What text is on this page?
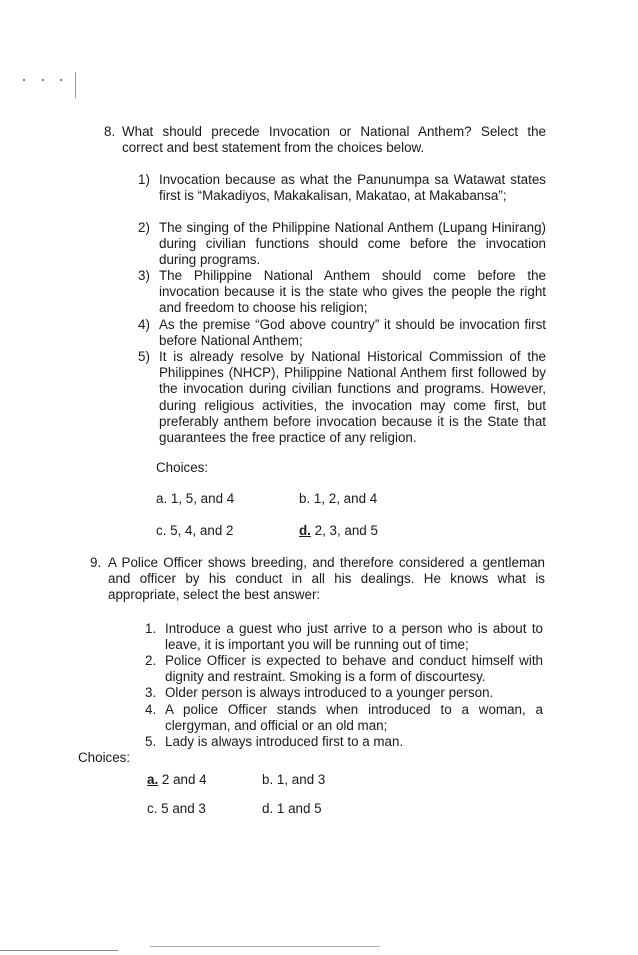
8. What should precede Invocation or National Anthem? Select the correct and best statement from the choices below.
1) Invocation because as what the Panunumpa sa Watawat states first is “Makadiyos, Makakalisan, Makatao, at Makabansa”;
2) The singing of the Philippine National Anthem (Lupang Hinirang) during civilian functions should come before the invocation during programs.
3) The Philippine National Anthem should come before the invocation because it is the state who gives the people the right and freedom to choose his religion;
4) As the premise “God above country” it should be invocation first before National Anthem;
5) It is already resolve by National Historical Commission of the Philippines (NHCP), Philippine National Anthem first followed by the invocation during civilian functions and programs. However, during religious activities, the invocation may come first, but preferably anthem before invocation because it is the State that guarantees the free practice of any religion.
Choices:
a. 1, 5, and 4	b. 1, 2, and 4
c. 5, 4, and 2	d. 2, 3, and 5
9. A Police Officer shows breeding, and therefore considered a gentleman and officer by his conduct in all his dealings. He knows what is appropriate, select the best answer:
1. Introduce a guest who just arrive to a person who is about to leave, it is important you will be running out of time;
2. Police Officer is expected to behave and conduct himself with dignity and restraint. Smoking is a form of discourtesy.
3. Older person is always introduced to a younger person.
4. A police Officer stands when introduced to a woman, a clergyman, and official or an old man;
5. Lady is always introduced first to a man.
Choices:
a. 2 and 4	b. 1, and 3
c. 5 and 3	d. 1 and 5
